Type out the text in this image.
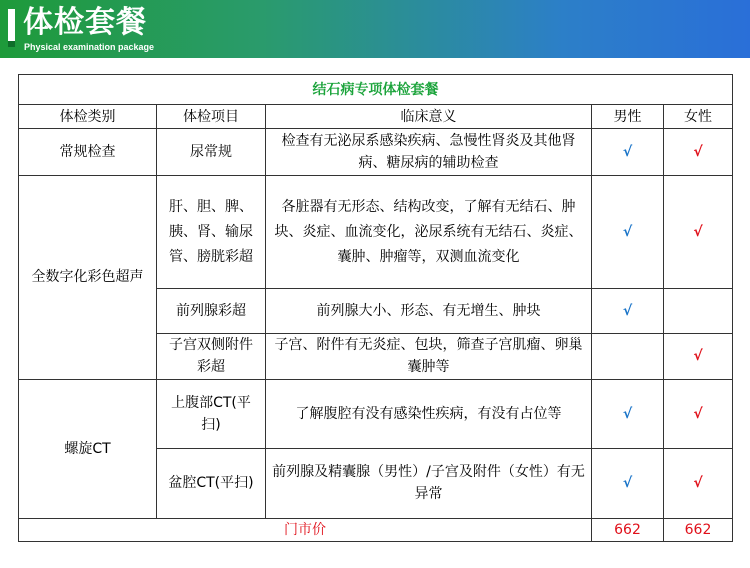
体检套餐
Physical examination package
结石病专项体检套餐				
体检类别	体检项目	临床意义	男性	女性
常规检查	尿常规	检查有无泌尿系感染疾病、急慢性肾炎及其他肾病、糖尿病的辅助检查	√	√
全数字化彩色超声	肝、胆、脾、胰、肾、输尿管、膀胱彩超	各脏器有无形态、结构改变，了解有无结石、肿块、炎症、血流变化，泌尿系统有无结石、炎症、囊肿、肿瘤等，双测血流变化	√	√
	前列腺彩超	前列腺大小、形态、有无增生、肿块	√	
	子宫双侧附件彩超	子宫、附件有无炎症、包块，筛查子宫肌瘤、卵巢囊肿等		√
螺旋CT	上腹部CT(平扫)	了解腹腔有没有感染性疾病，有没有占位等	√	√
	盆腔CT(平扫)	前列腺及精囊腺（男性）/子宫及附件（女性）有无异常	√	√
门市价			662	662
